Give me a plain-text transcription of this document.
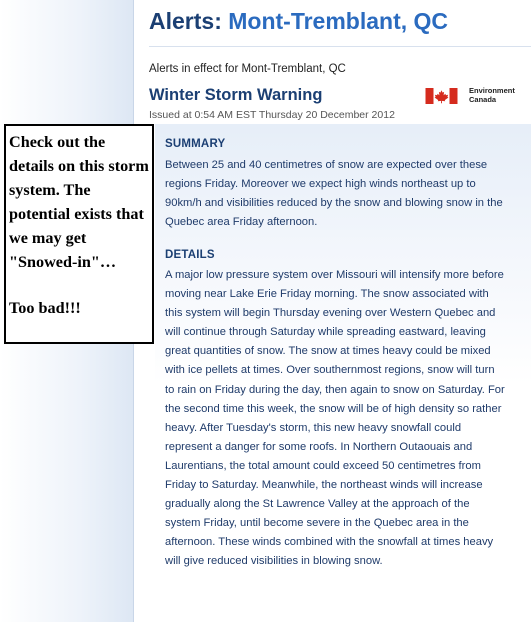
Alerts: Mont-Tremblant, QC
Alerts in effect for Mont-Tremblant, QC
Winter Storm Warning
Issued at 0:54 AM EST Thursday 20 December 2012
Environment
Canada
SUMMARY

Between 25 and 40 centimetres of snow are expected over these regions Friday. Moreover we expect high winds northeast up to 90km/h and visibilities reduced by the snow and blowing snow in the Quebec area Friday afternoon.

DETAILS

A major low pressure system over Missouri will intensify more before moving near Lake Erie Friday morning. The snow associated with this system will begin Thursday evening over Western Quebec and will continue through Saturday while spreading eastward, leaving great quantities of snow. The snow at times heavy could be mixed with ice pellets at times. Over southernmost regions, snow will turn to rain on Friday during the day, then again to snow on Saturday. For the second time this week, the snow will be of high density so rather heavy. After Tuesday's storm, this new heavy snowfall could represent a danger for some roofs. In Northern Outaouais and Laurentians, the total amount could exceed 50 centimetres from Friday to Saturday. Meanwhile, the northeast winds will increase gradually along the St Lawrence Valley at the approach of the system Friday, until become severe in the Quebec area in the afternoon. These winds combined with the snowfall at times heavy will give reduced visibilities in blowing snow.

Check out the details on this storm system. The potential exists that we may get "Snowed-in"…
Too bad!!!
